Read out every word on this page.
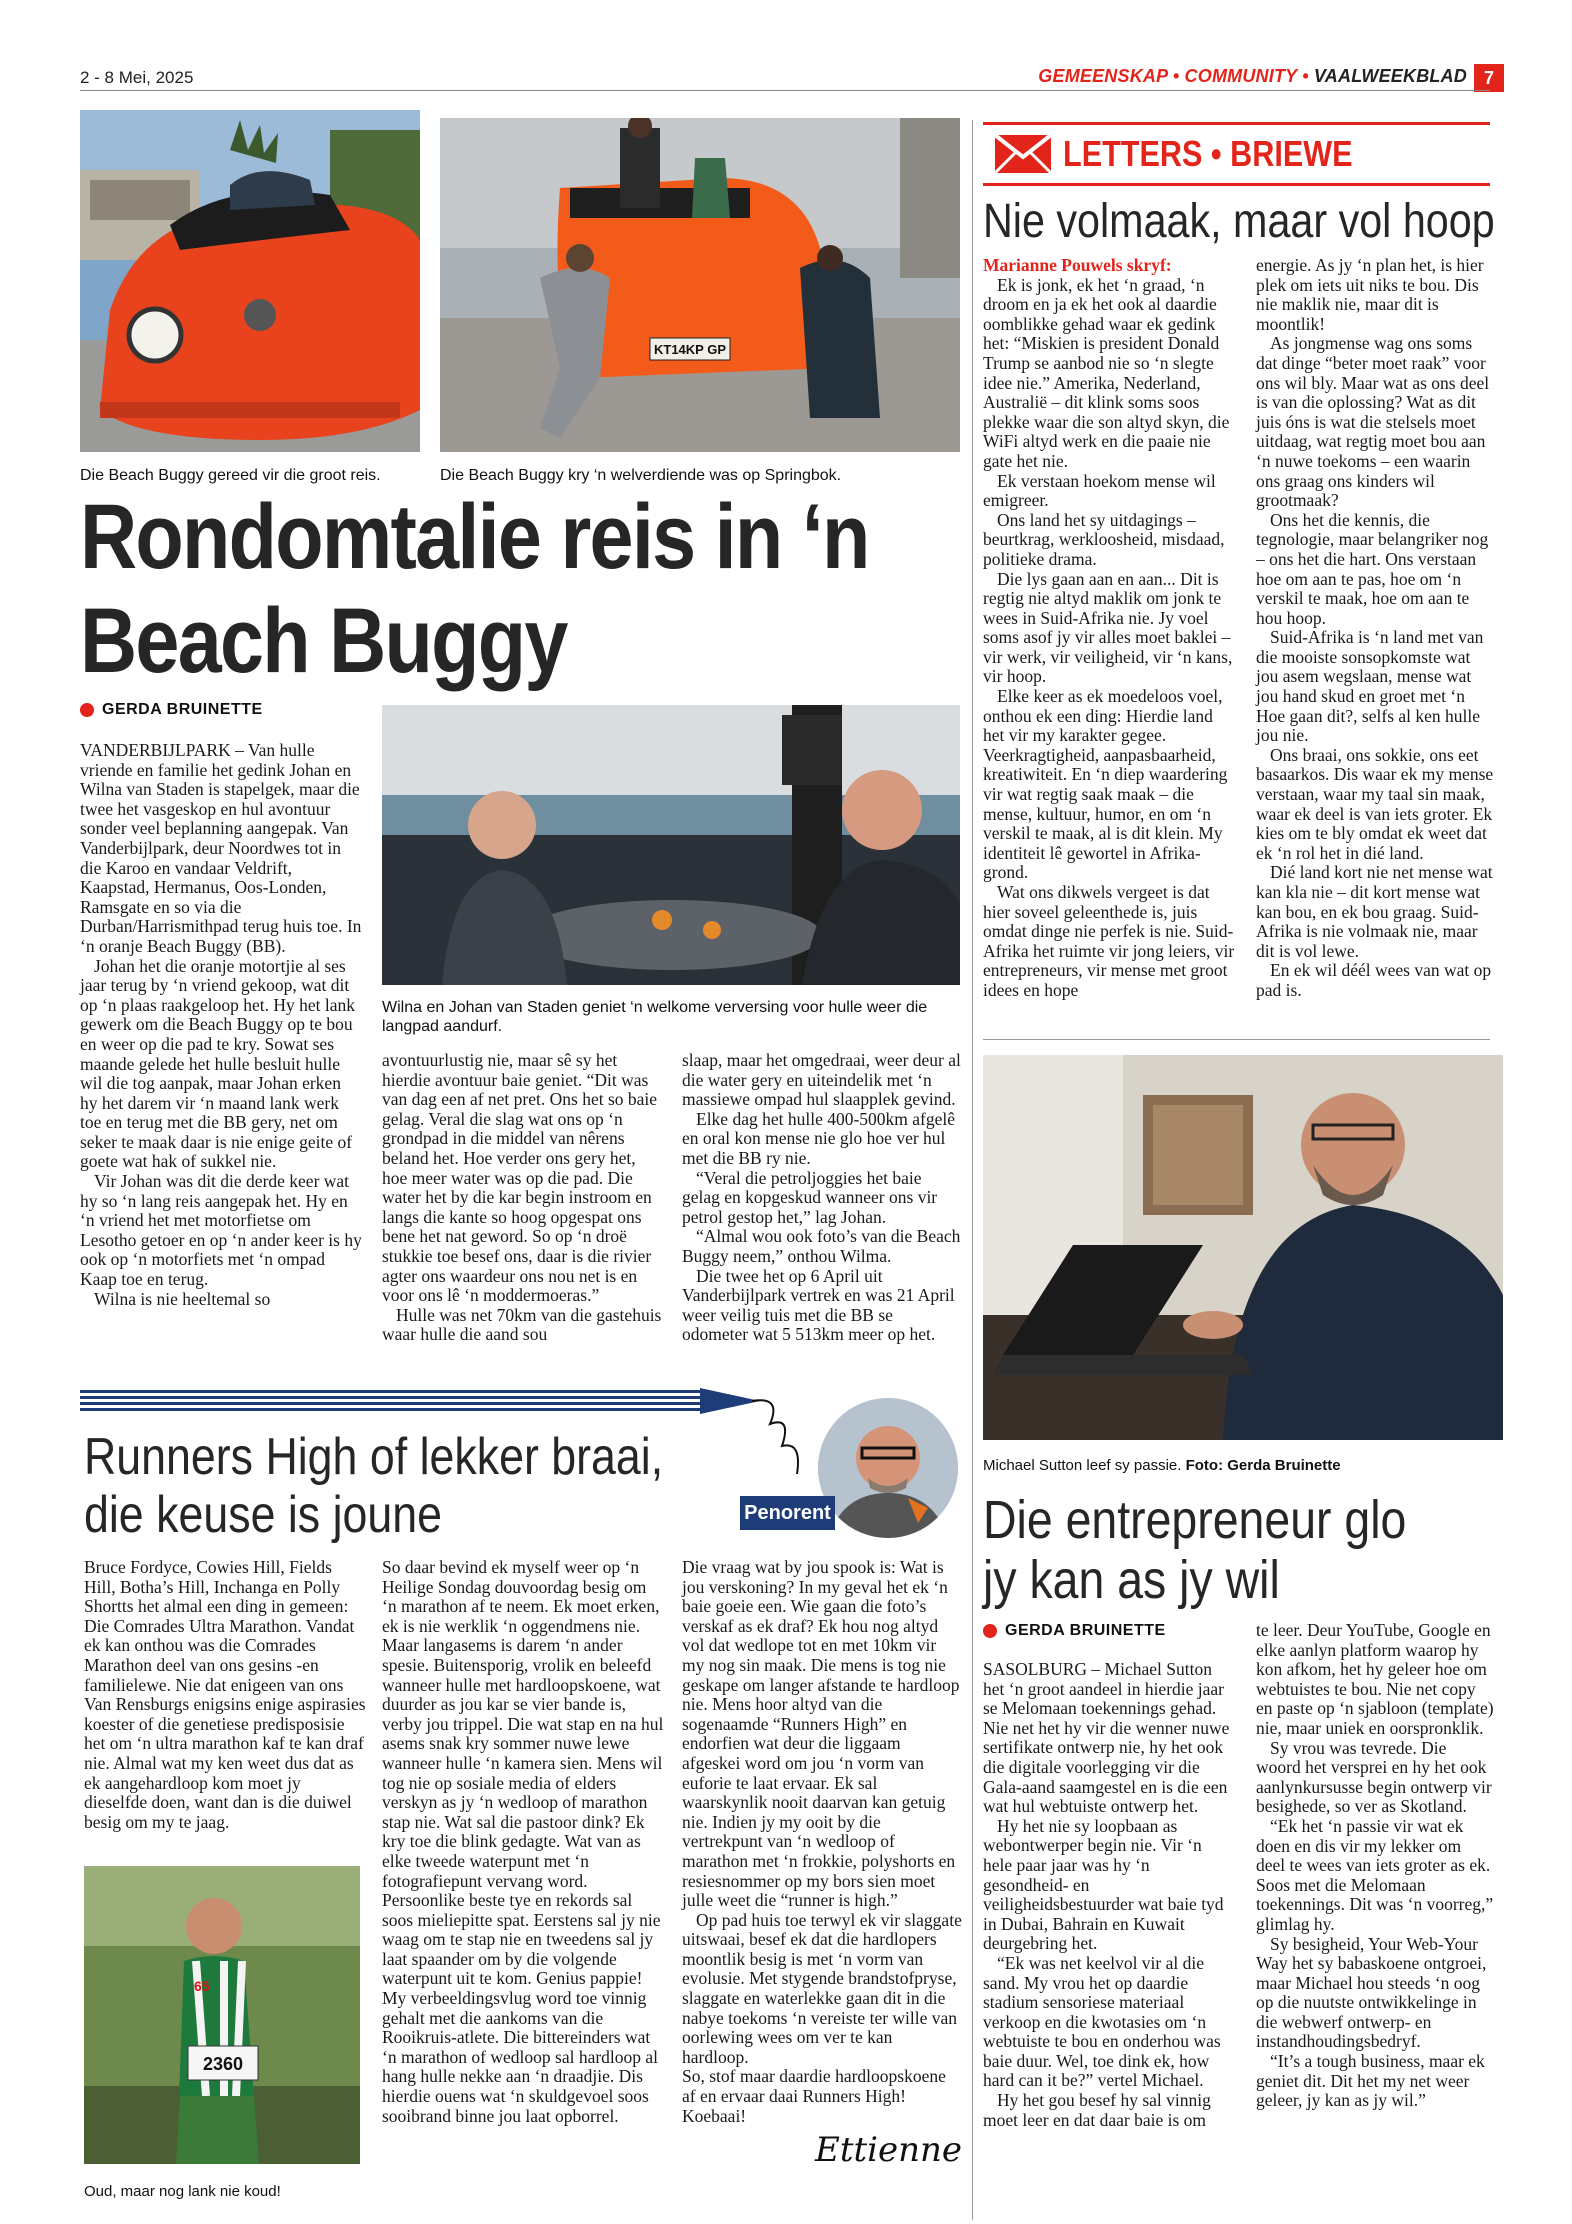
2 - 8 Mei, 2025	GEMEENSKAP • COMMUNITY • VAALWEEKBLAD 7
Die Beach Buggy gereed vir die groot reis.
KT14KP GP
Die Beach Buggy kry ‘n welverdiende was op Springbok.
Rondomtalie reis in ‘n
Beach Buggy
GERDA BRUINETTE
Wilna en Johan van Staden geniet ‘n welkome verversing voor hulle weer die langpad aandurf.

VANDERBIJLPARK – Van hulle vriende en familie het gedink Johan en Wilna van Staden is stapelgek, maar die twee het vasgeskop en hul avontuur sonder veel beplanning aangepak. Van Vanderbijlpark, deur Noordwes tot in die Karoo en vandaar Veldrift, Kaapstad, Hermanus, Oos-Londen, Ramsgate en so via die Durban/Harrismithpad terug huis toe. In ‘n oranje Beach Buggy (BB).

Johan het die oranje motortjie al ses jaar terug by ‘n vriend gekoop, wat dit op ‘n plaas raakgeloop het. Hy het lank gewerk om die Beach Buggy op te bou en weer op die pad te kry. Sowat ses maande gelede het hulle besluit hulle wil die tog aanpak, maar Johan erken hy het darem vir ‘n maand lank werk toe en terug met die BB gery, net om seker te maak daar is nie enige geite of goete wat hak of sukkel nie.

Vir Johan was dit die derde keer wat hy so ‘n lang reis aangepak het. Hy en ‘n vriend het met motorfietse om Lesotho getoer en op ‘n ander keer is hy ook op ‘n motorfiets met ‘n ompad Kaap toe en terug.

Wilna is nie heeltemal so

avontuurlustig nie, maar sê sy het hierdie avontuur baie geniet. “Dit was van dag een af net pret. Ons het so baie gelag. Veral die slag wat ons op ‘n grondpad in die middel van nêrens beland het. Hoe verder ons gery het, hoe meer water was op die pad. Die water het by die kar begin instroom en langs die kante so hoog opgespat ons bene het nat geword. So op ‘n droë stukkie toe besef ons, daar is die rivier agter ons waardeur ons nou net is en voor ons lê ‘n moddermoeras.”

Hulle was net 70km van die gastehuis waar hulle die aand sou

slaap, maar het omgedraai, weer deur al die water gery en uiteindelik met ‘n massiewe ompad hul slaapplek gevind.

Elke dag het hulle 400-500km afgelê en oral kon mense nie glo hoe ver hul met die BB ry nie.

“Veral die petroljoggies het baie gelag en kopgeskud wanneer ons vir petrol gestop het,” lag Johan.

“Almal wou ook foto’s van die Beach Buggy neem,” onthou Wilma.

Die twee het op 6 April uit Vanderbijlpark vertrek en was 21 April weer veilig tuis met die BB se odometer wat 5 513km meer op het.

LETTERS • BRIEWE
Nie volmaak, maar vol hoop

Marianne Pouwels skryf:

Ek is jonk, ek het ‘n graad, ‘n droom en ja ek het ook al daardie oomblikke gehad waar ek gedink het: “Miskien is president Donald Trump se aanbod nie so ‘n slegte idee nie.” Amerika, Nederland, Australië – dit klink soms soos plekke waar die son altyd skyn, die WiFi altyd werk en die paaie nie gate het nie.

Ek verstaan hoekom mense wil emigreer.

Ons land het sy uitdagings – beurtkrag, werkloosheid, misdaad, politieke drama.

Die lys gaan aan en aan... Dit is regtig nie altyd maklik om jonk te wees in Suid-Afrika nie. Jy voel soms asof jy vir alles moet baklei – vir werk, vir veiligheid, vir ‘n kans, vir hoop.

Elke keer as ek moedeloos voel, onthou ek een ding: Hierdie land het vir my karakter gegee. Veerkragtigheid, aanpasbaarheid, kreatiwiteit. En ‘n diep waardering vir wat regtig saak maak – die mense, kultuur, humor, en om ‘n verskil te maak, al is dit klein. My identiteit lê gewortel in Afrika-grond.

Wat ons dikwels vergeet is dat hier soveel geleenthede is, juis omdat dinge nie perfek is nie. Suid-Afrika het ruimte vir jong leiers, vir entrepreneurs, vir mense met groot idees en hope

energie. As jy ‘n plan het, is hier plek om iets uit niks te bou. Dis nie maklik nie, maar dit is moontlik!

As jongmense wag ons soms dat dinge “beter moet raak” voor ons wil bly. Maar wat as ons deel is van die oplossing? Wat as dit juis óns is wat die stelsels moet uitdaag, wat regtig moet bou aan ‘n nuwe toekoms – een waarin ons graag ons kinders wil grootmaak?

Ons het die kennis, die tegnologie, maar belangriker nog – ons het die hart. Ons verstaan hoe om aan te pas, hoe om ‘n verskil te maak, hoe om aan te hou hoop.

Suid-Afrika is ‘n land met van die mooiste sonsopkomste wat jou asem wegslaan, mense wat jou hand skud en groet met ‘n Hoe gaan dit?, selfs al ken hulle jou nie.

Ons braai, ons sokkie, ons eet basaarkos. Dis waar ek my mense verstaan, waar my taal sin maak, waar ek deel is van iets groter. Ek kies om te bly omdat ek weet dat ek ‘n rol het in dié land.

Dié land kort nie net mense wat kan kla nie – dit kort mense wat kan bou, en ek bou graag. Suid-Afrika is nie volmaak nie, maar dit is vol lewe.

En ek wil déél wees van wat op pad is.

Michael Sutton leef sy passie. Foto: Gerda Bruinette
Die entrepreneur glo
jy kan as jy wil
GERDA BRUINETTE

SASOLBURG – Michael Sutton het ‘n groot aandeel in hierdie jaar se Melomaan toekennings gehad. Nie net het hy vir die wenner nuwe sertifikate ontwerp nie, hy het ook die digitale voorlegging vir die Gala-aand saamgestel en is die een wat hul webtuiste ontwerp het.

Hy het nie sy loopbaan as webontwerper begin nie. Vir ‘n hele paar jaar was hy ‘n gesondheid- en veiligheidsbestuurder wat baie tyd in Dubai, Bahrain en Kuwait deurgebring het.

“Ek was net keelvol vir al die sand. My vrou het op daardie stadium sensoriese materiaal verkoop en die kwotasies om ‘n webtuiste te bou en onderhou was baie duur. Wel, toe dink ek, how hard can it be?” vertel Michael.

Hy het gou besef hy sal vinnig moet leer en dat daar baie is om

te leer. Deur YouTube, Google en elke aanlyn platform waarop hy kon afkom, het hy geleer hoe om webtuistes te bou. Nie net copy en paste op ‘n sjabloon (template) nie, maar uniek en oorspronklik.

Sy vrou was tevrede. Die woord het versprei en hy het ook aanlynkursusse begin ontwerp vir besighede, so ver as Skotland.

“Ek het ‘n passie vir wat ek doen en dis vir my lekker om deel te wees van iets groter as ek. Soos met die Melomaan toekennings. Dit was ‘n voorreg,” glimlag hy.

Sy besigheid, Your Web-Your Way het sy babaskoene ontgroei, maar Michael hou steeds ‘n oog op die nuutste ontwikkelinge in die webwerf ontwerp- en instandhoudingsbedryf.

“It’s a tough business, maar ek geniet dit. Dit het my net weer geleer, jy kan as jy wil.”

Penorent
Runners High of lekker braai,
die keuse is joune

Bruce Fordyce, Cowies Hill, Fields Hill, Botha’s Hill, Inchanga en Polly Shortts het almal een ding in gemeen: Die Comrades Ultra Marathon. Vandat ek kan onthou was die Comrades Marathon deel van ons gesins -en familielewe. Nie dat enigeen van ons Van Rensburgs enigsins enige aspirasies koester of die genetiese predisposisie het om ‘n ultra marathon kaf te kan draf nie. Almal wat my ken weet dus dat as ek aangehardloop kom moet jy dieselfde doen, want dan is die duiwel besig om my te jaag.

2360
65
Oud, maar nog lank nie koud!

So daar bevind ek myself weer op ‘n Heilige Sondag douvoordag besig om ‘n marathon af te neem. Ek moet erken, ek is nie werklik ‘n oggendmens nie. Maar langasems is darem ‘n ander spesie. Buitensporig, vrolik en beleefd wanneer hulle met hardloopskoene, wat duurder as jou kar se vier bande is, verby jou trippel. Die wat stap en na hul asems snak kry sommer nuwe lewe wanneer hulle ‘n kamera sien. Mens wil tog nie op sosiale media of elders verskyn as jy ‘n wedloop of marathon stap nie. Wat sal die pastoor dink? Ek kry toe die blink gedagte. Wat van as elke tweede waterpunt met ‘n fotografiepunt vervang word. Persoonlike beste tye en rekords sal soos mieliepitte spat. Eerstens sal jy nie waag om te stap nie en tweedens sal jy laat spaander om by die volgende waterpunt uit te kom. Genius pappie! My verbeeldingsvlug word toe vinnig gehalt met die aankoms van die Rooikruis-atlete. Die bittereinders wat ‘n marathon of wedloop sal hardloop al hang hulle nekke aan ‘n draadjie. Dis hierdie ouens wat ‘n skuldgevoel soos sooibrand binne jou laat opborrel.

Die vraag wat by jou spook is: Wat is jou verskoning? In my geval het ek ‘n baie goeie een. Wie gaan die foto’s verskaf as ek draf? Ek hou nog altyd vol dat wedlope tot en met 10km vir my nog sin maak. Die mens is tog nie geskape om langer afstande te hardloop nie. Mens hoor altyd van die sogenaamde “Runners High” en endorfien wat deur die liggaam afgeskei word om jou ‘n vorm van euforie te laat ervaar. Ek sal waarskynlik nooit daarvan kan getuig nie. Indien jy my ooit by die vertrekpunt van ‘n wedloop of marathon met ‘n frokkie, polyshorts en resiesnommer op my bors sien moet julle weet die “runner is high.”

Op pad huis toe terwyl ek vir slaggate uitswaai, besef ek dat die hardlopers moontlik besig is met ‘n vorm van evolusie. Met stygende brandstofpryse, slaggate en waterlekke gaan dit in die nabye toekoms ‘n vereiste ter wille van oorlewing wees om ver te kan hardloop.

So, stof maar daardie hardloopskoene af en ervaar daai Runners High!

Koebaai!

Ettienne
